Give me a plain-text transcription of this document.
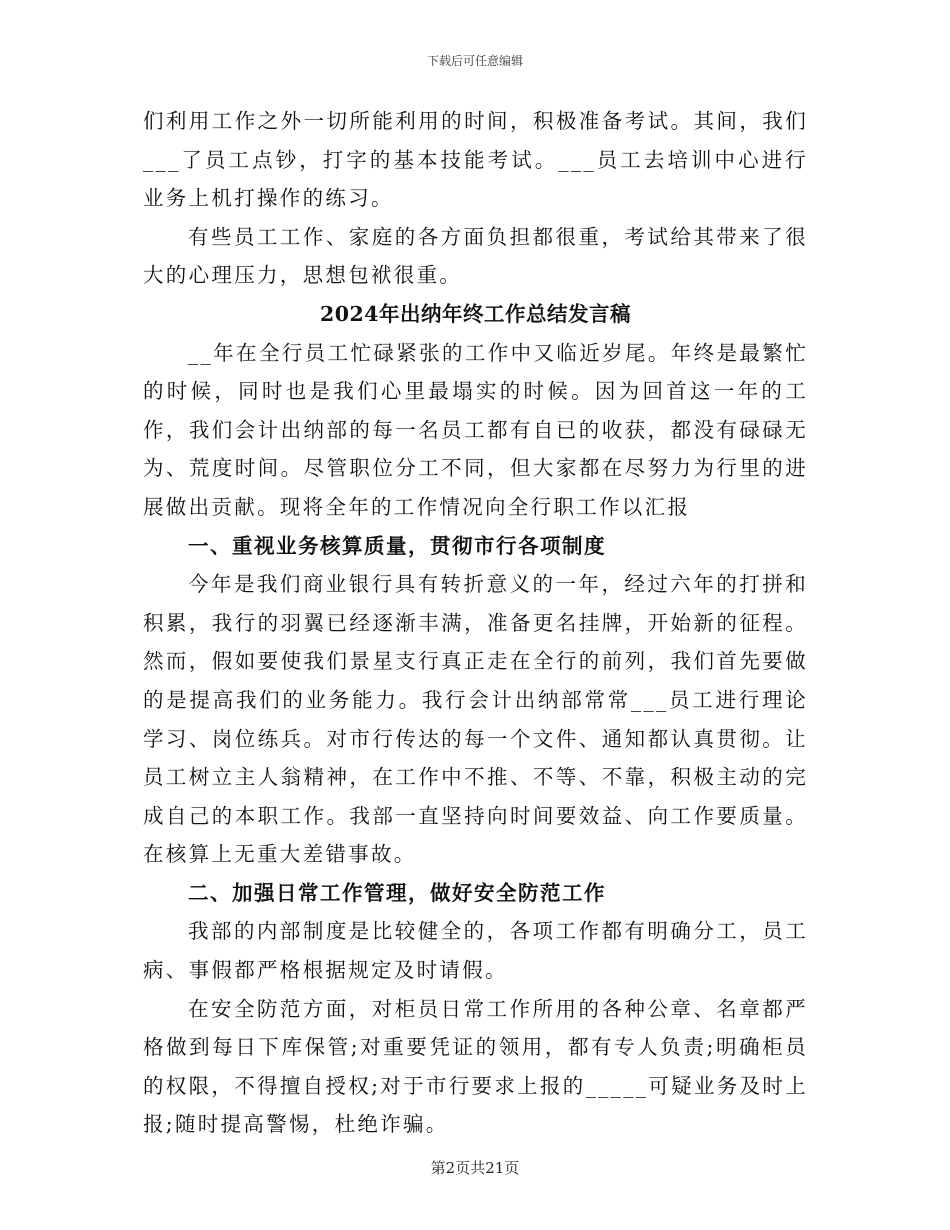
下载后可任意编辑

们利用工作之外一切所能利用的时间，积极准备考试。其间，我们___了员工点钞，打字的基本技能考试。___员工去培训中心进行业务上机打操作的练习。

有些员工工作、家庭的各方面负担都很重，考试给其带来了很大的心理压力，思想包袱很重。

2024年出纳年终工作总结发言稿

__年在全行员工忙碌紧张的工作中又临近岁尾。年终是最繁忙的时候，同时也是我们心里最塌实的时候。因为回首这一年的工作，我们会计出纳部的每一名员工都有自已的收获，都没有碌碌无为、荒度时间。尽管职位分工不同，但大家都在尽努力为行里的进展做出贡献。现将全年的工作情况向全行职工作以汇报

一、重视业务核算质量，贯彻市行各项制度

今年是我们商业银行具有转折意义的一年，经过六年的打拼和积累，我行的羽翼已经逐渐丰满，准备更名挂牌，开始新的征程。然而，假如要使我们景星支行真正走在全行的前列，我们首先要做的是提高我们的业务能力。我行会计出纳部常常___员工进行理论学习、岗位练兵。对市行传达的每一个文件、通知都认真贯彻。让员工树立主人翁精神，在工作中不推、不等、不靠，积极主动的完成自己的本职工作。我部一直坚持向时间要效益、向工作要质量。在核算上无重大差错事故。

二、加强日常工作管理，做好安全防范工作

我部的内部制度是比较健全的，各项工作都有明确分工，员工病、事假都严格根据规定及时请假。

在安全防范方面，对柜员日常工作所用的各种公章、名章都严格做到每日下库保管;对重要凭证的领用，都有专人负责;明确柜员的权限，不得擅自授权;对于市行要求上报的_____可疑业务及时上报;随时提高警惕，杜绝诈骗。

第2页共21页
